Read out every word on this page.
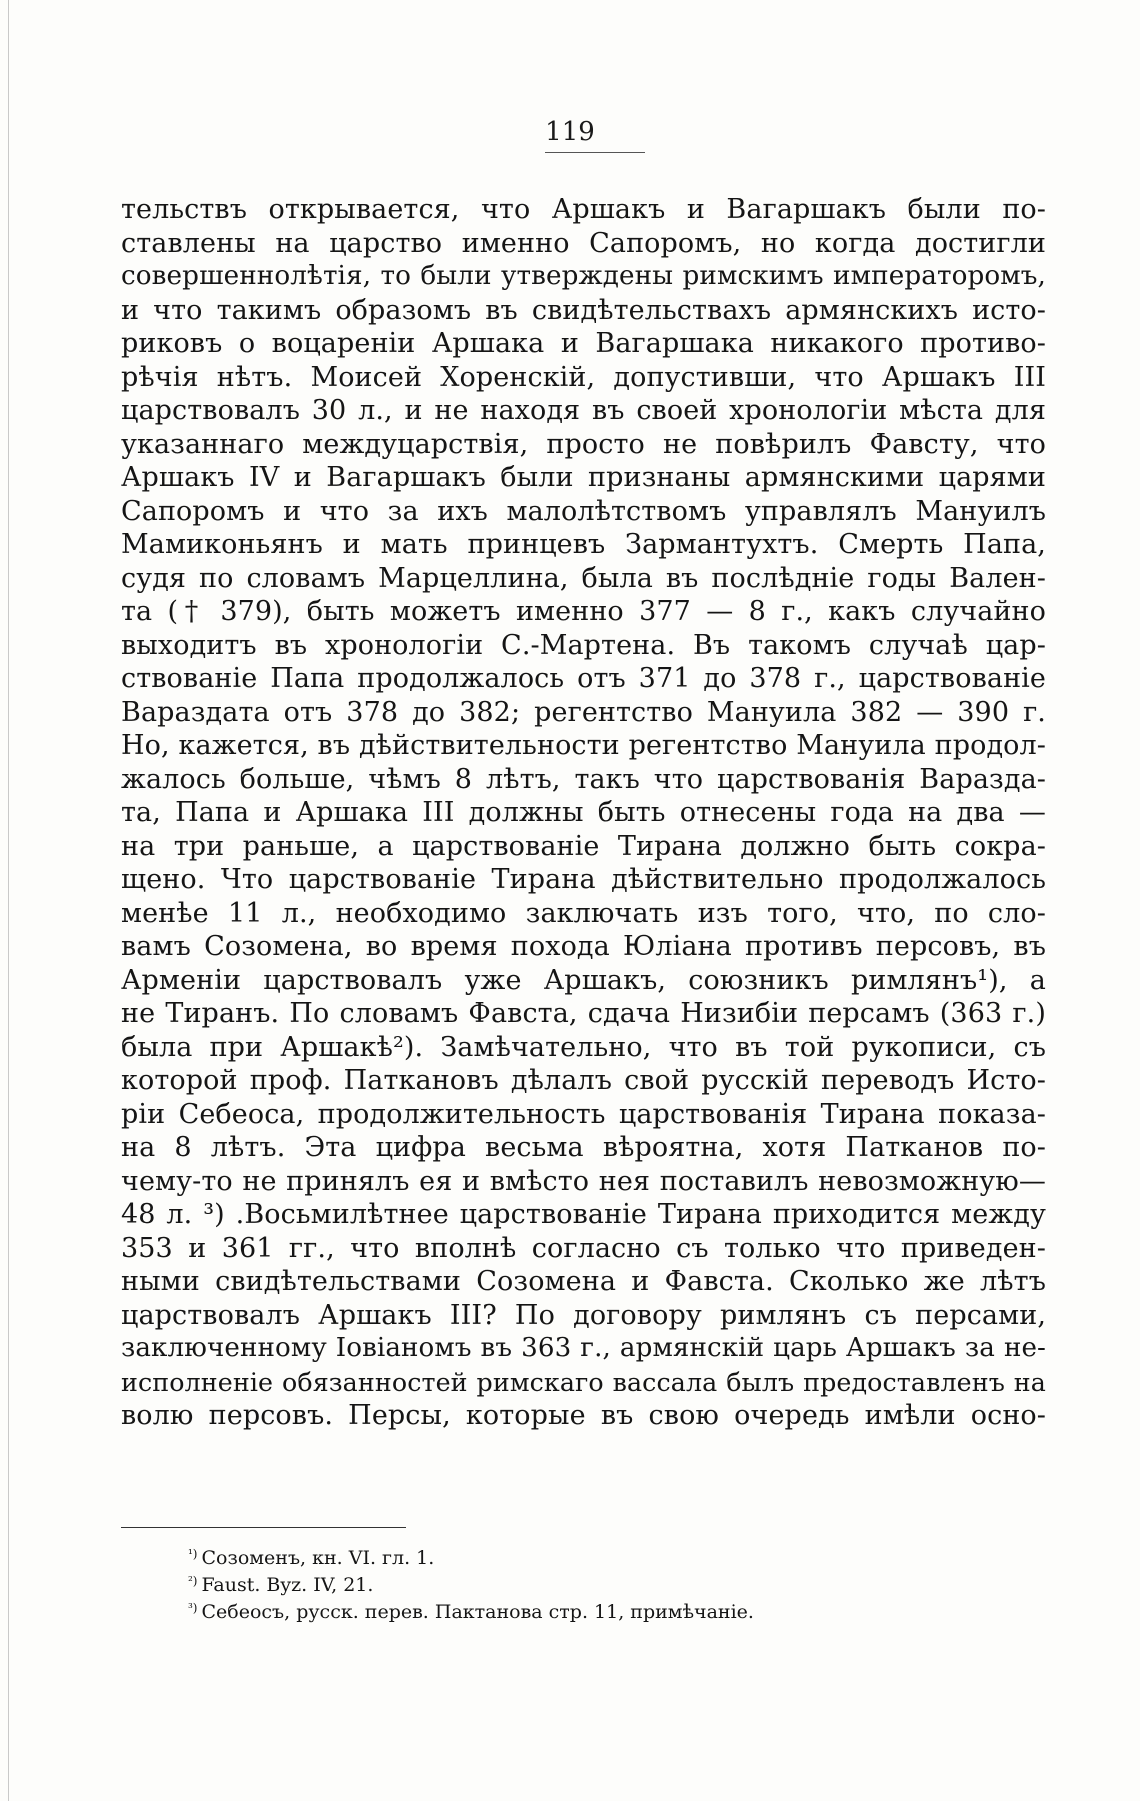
119
тельствъ открывается, что Аршакъ и Вагаршакъ были по-
ставлены на царство именно Сапоромъ, но когда достигли
совершеннолѣтія, то были утверждены римскимъ императоромъ,
и что такимъ образомъ въ свидѣтельствахъ армянскихъ исто-
риковъ о воцареніи Аршака и Вагаршака никакого противо-
рѣчія нѣтъ. Моисей Хоренскій, допустивши, что Аршакъ III
царствовалъ 30 л., и не находя въ своей хронологіи мѣста для
указаннаго междуцарствія, просто не повѣрилъ Фавсту, что
Аршакъ IV и Вагаршакъ были признаны армянскими царями
Сапоромъ и что за ихъ малолѣтствомъ управлялъ Мануилъ
Мамиконьянъ и мать принцевъ Зармантухтъ. Смерть Папа,
судя по словамъ Марцеллина, была въ послѣдніе годы Вален-
та († 379), быть можетъ именно 377 — 8 г., какъ случайно
выходитъ въ хронологіи С.-Мартена. Въ такомъ случаѣ цар-
ствованіе Папа продолжалось отъ 371 до 378 г., царствованіе
Вараздата отъ 378 до 382; регентство Мануила 382 — 390 г.
Но, кажется, въ дѣйствительности регентство Мануила продол-
жалось больше, чѣмъ 8 лѣтъ, такъ что царствованія Варазда-
та, Папа и Аршака III должны быть отнесены года на два —
на три раньше, а царствованіе Тирана должно быть сокра-
щено. Что царствованіе Тирана дѣйствительно продолжалось
менѣе 11 л., необходимо заключать изъ того, что, по сло-
вамъ Созомена, во время похода Юліана противъ персовъ, въ
Арменіи царствовалъ уже Аршакъ, союзникъ римлянъ¹), а
не Тиранъ. По словамъ Фавста, сдача Низибіи персамъ (363 г.)
была при Аршакѣ²). Замѣчательно, что въ той рукописи, съ
которой проф. Паткановъ дѣлалъ свой русскій переводъ Исто-
ріи Себеоса, продолжительность царствованія Тирана показа-
на 8 лѣтъ. Эта цифра весьма вѣроятна, хотя Патканов по-
чему-то не принялъ ея и вмѣсто нея поставилъ невозможную—
48 л. ³) .Восьмилѣтнее царствованіе Тирана приходится между
353 и 361 гг., что вполнѣ согласно съ только что приведен-
ными свидѣтельствами Созомена и Фавста. Сколько же лѣтъ
царствовалъ Аршакъ III? По договору римлянъ съ персами,
заключенному Іовіаномъ въ 363 г., армянскій царь Аршакъ за не-
исполненіе обязанностей римскаго вассала былъ предоставленъ на
волю персовъ. Персы, которые въ свою очередь имѣли осно-
$^{^1)}$ Созоменъ, кн. VI. гл. 1.
$^{^2)}$ Faust. Byz. IV, 21.
$^{^3)}$ Себеосъ, русск. перев. Пактанова стр. 11, примѣчаніе.
